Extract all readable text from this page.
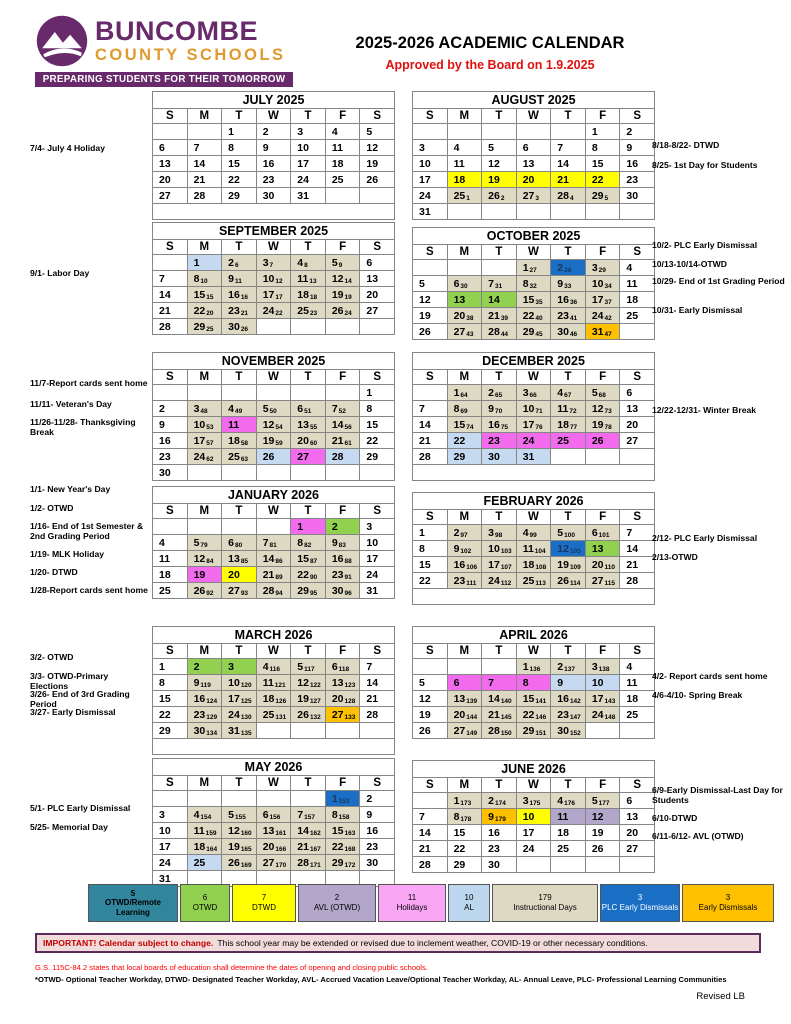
BUNCOMBE
COUNTY SCHOOLS
PREPARING STUDENTS FOR THEIR TOMORROW
2025-2026 ACADEMIC CALENDAR
Approved by the Board on 1.9.2025
JULY 2025						
S	M	T	W	T	F	S
		1	2	3	4	5
6	7	8	9	10	11	12
13	14	15	16	17	18	19
20	21	22	23	24	25	26
27	28	29	30	31		

AUGUST 2025						
S	M	T	W	T	F	S
					1	2
3	4	5	6	7	8	9
10	11	12	13	14	15	16
17	18	19	20	21	22	23
24	251	262	273	284	295	30
31						
SEPTEMBER 2025						
S	M	T	W	T	F	S
	1	26	37	48	59	6
7	810	911	1012	1113	1214	13
14	1515	1616	1717	1818	1919	20
21	2220	2321	2422	2523	2624	27
28	2925	3026				
OCTOBER 2025						
S	M	T	W	T	F	S
			127	228	329	4
5	630	731	832	933	1034	11
12	13	14	1535	1636	1737	18
19	2038	2139	2240	2341	2442	25
26	2743	2844	2945	3046	3147	
NOVEMBER 2025						
S	M	T	W	T	F	S
						1
2	348	449	550	651	752	8
9	1053	11	1254	1355	1456	15
16	1757	1858	1959	2060	2161	22
23	2462	2563	26	27	28	29
30						
DECEMBER 2025						
S	M	T	W	T	F	S
	164	265	366	467	568	6
7	869	970	1071	1172	1273	13
14	1574	1675	1776	1877	1978	20
21	22	23	24	25	26	27
28	29	30	31			

JANUARY 2026						
S	M	T	W	T	F	S
				1	2	3
4	579	680	781	882	983	10
11	1284	1385	1486	1587	1688	17
18	19	20	2189	2290	2391	24
25	2692	2793	2894	2995	3096	31
FEBRUARY 2026						
S	M	T	W	T	F	S
1	297	398	499	5100	6101	7
8	9102	10103	11104	12105	13	14
15	16106	17107	18108	19109	20110	21
22	23111	24112	25113	26114	27115	28

MARCH 2026						
S	M	T	W	T	F	S
1	2	3	4116	5117	6118	7
8	9119	10120	11121	12122	13123	14
15	16124	17125	18126	19127	20128	21
22	23129	24130	25131	26132	27133	28
29	30134	31135				

APRIL 2026						
S	M	T	W	T	F	S
			1136	2137	3138	4
5	6	7	8	9	10	11
12	13139	14140	15141	16142	17143	18
19	20144	21145	22146	23147	24148	25
26	27149	28150	29151	30152		
MAY 2026						
S	M	T	W	T	F	S
					1153	2
3	4154	5155	6156	7157	8158	9
10	11159	12160	13161	14162	15163	16
17	18164	19165	20166	21167	22168	23
24	25	26169	27170	28171	29172	30
31						
JUNE 2026						
S	M	T	W	T	F	S
	1173	2174	3175	4176	5177	6
7	8178	9179	10	11	12	13
14	15	16	17	18	19	20
21	22	23	24	25	26	27
28	29	30				
7/4- July 4 Holiday
9/1- Labor Day
11/7-Report cards sent home
11/11- Veteran's Day
11/26-11/28- Thanksgiving Break
1/1- New Year's Day
1/2- OTWD
1/16- End of 1st Semester & 2nd Grading Period
1/19- MLK Holiday
1/20- DTWD
1/28-Report cards sent home
3/2- OTWD
3/3- OTWD-Primary Elections
3/26- End of 3rd Grading Period
3/27- Early Dismissal
5/1- PLC Early Dismissal
5/25- Memorial Day
8/18-8/22- DTWD
8/25- 1st Day for Students
10/2- PLC Early Dismissal
10/13-10/14-OTWD
10/29- End of 1st Grading Period
10/31- Early Dismissal
12/22-12/31- Winter Break
2/12- PLC Early Dismissal
2/13-OTWD
4/2- Report cards sent home
4/6-4/10- Spring Break
6/9-Early Dismissal-Last Day for Students
6/10-DTWD
6/11-6/12- AVL (OTWD)
5
OTWD/Remote Learning
6
OTWD
7
DTWD
2
AVL (OTWD)
11
Holidays
10
AL
179
Instructional Days
3
PLC Early Dismissals
3
Early Dismissals
IMPORTANT! Calendar subject to change. This school year may be extended or revised due to inclement weather, COVID-19 or other necessary conditions.
G.S. 115C-84.2 states that local boards of education shall determine the dates of opening and closing public schools.
*OTWD- Optional Teacher Workday, DTWD- Designated Teacher Workday, AVL- Accrued Vacation Leave/Optional Teacher Workday, AL- Annual Leave, PLC- Professional Learning Communities
Revised LB
